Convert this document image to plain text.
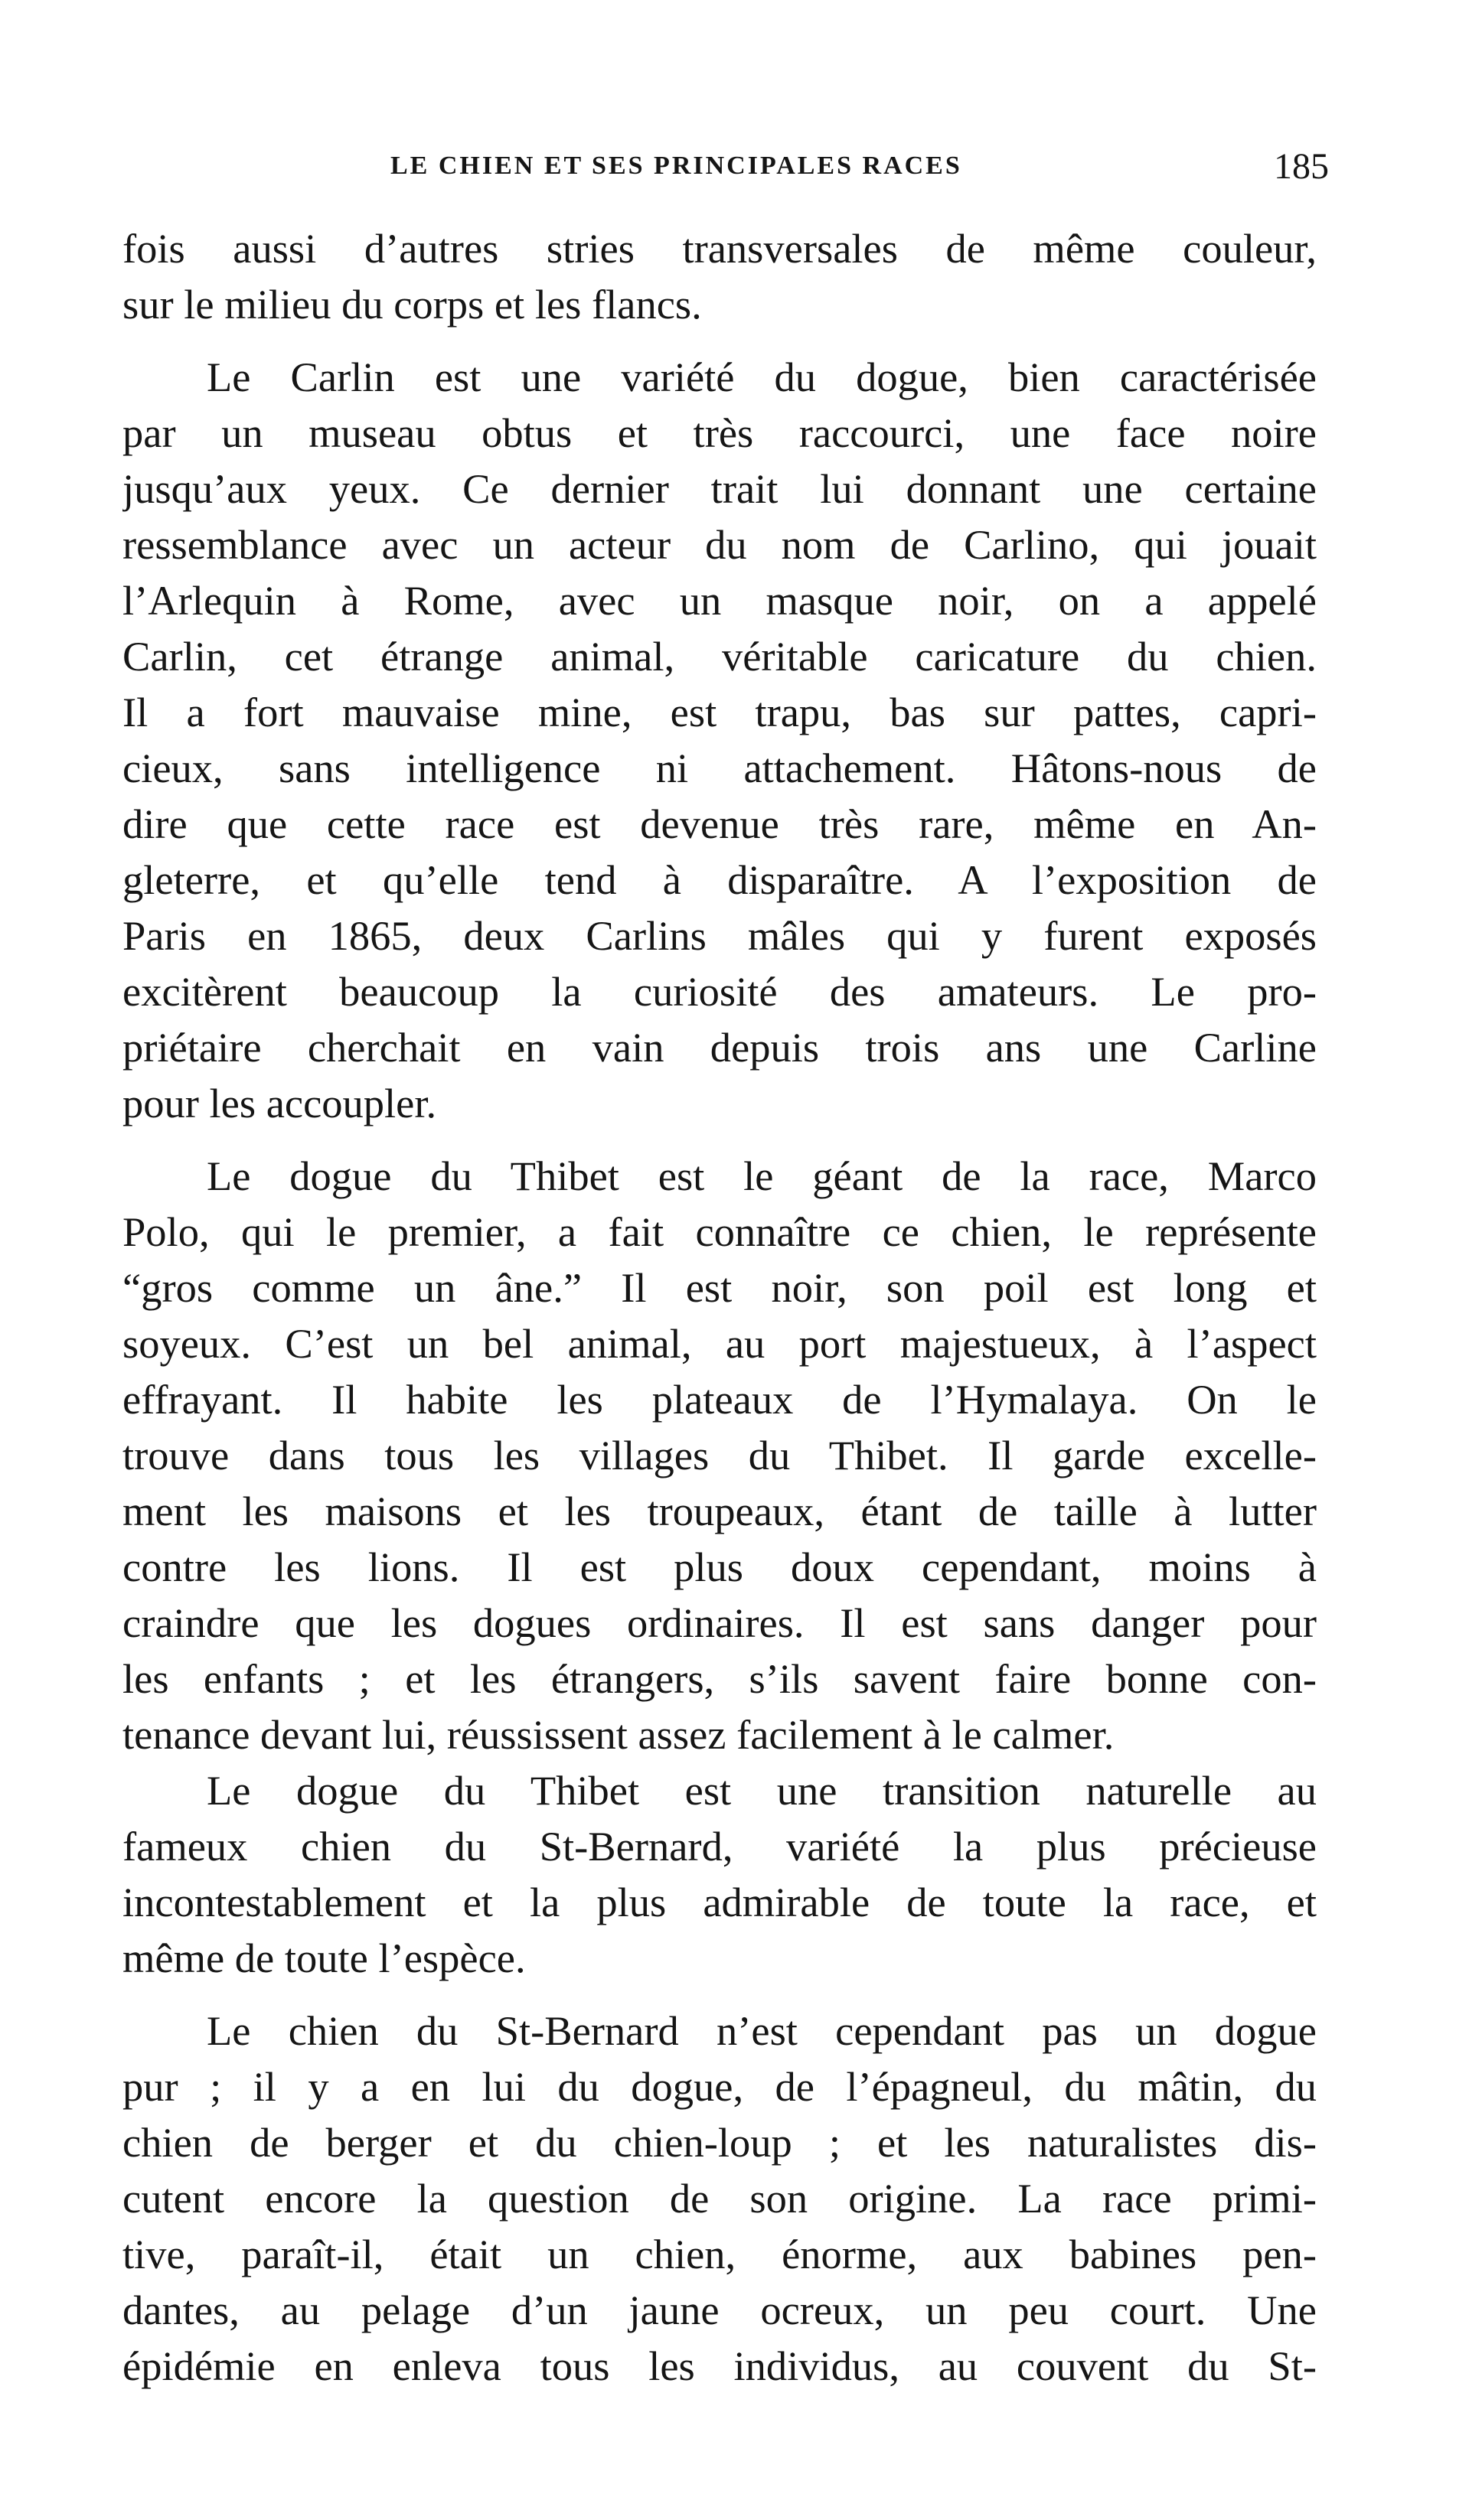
LE CHIEN ET SES PRINCIPALES RACES	185
fois aussi d’autres stries transversales de même couleur,
sur le milieu du corps et les flancs.
Le Carlin est une variété du dogue, bien caractérisée
par un museau obtus et très raccourci, une face noire
jusqu’aux yeux. Ce dernier trait lui donnant une certaine
ressemblance avec un acteur du nom de Carlino, qui jouait
l’Arlequin à Rome, avec un masque noir, on a appelé
Carlin, cet étrange animal, véritable caricature du chien.
Il a fort mauvaise mine, est trapu, bas sur pattes, capri-
cieux, sans intelligence ni attachement. Hâtons-nous de
dire que cette race est devenue très rare, même en An-
gleterre, et qu’elle tend à disparaître. A l’exposition de
Paris en 1865, deux Carlins mâles qui y furent exposés
excitèrent beaucoup la curiosité des amateurs. Le pro-
priétaire cherchait en vain depuis trois ans une Carline
pour les accoupler.
Le dogue du Thibet est le géant de la race, Marco
Polo, qui le premier, a fait connaître ce chien, le représente
“gros comme un âne.” Il est noir, son poil est long et
soyeux. C’est un bel animal, au port majestueux, à l’aspect
effrayant. Il habite les plateaux de l’Hymalaya. On le
trouve dans tous les villages du Thibet. Il garde excelle-
ment les maisons et les troupeaux, étant de taille à lutter
contre les lions. Il est plus doux cependant, moins à
craindre que les dogues ordinaires. Il est sans danger pour
les enfants ; et les étrangers, s’ils savent faire bonne con-
tenance devant lui, réussissent assez facilement à le calmer.
Le dogue du Thibet est une transition naturelle au
fameux chien du St-Bernard, variété la plus précieuse
incontestablement et la plus admirable de toute la race, et
même de toute l’espèce.
Le chien du St-Bernard n’est cependant pas un dogue
pur ; il y a en lui du dogue, de l’épagneul, du mâtin, du
chien de berger et du chien-loup ; et les naturalistes dis-
cutent encore la question de son origine. La race primi-
tive, paraît-il, était un chien, énorme, aux babines pen-
dantes, au pelage d’un jaune ocreux, un peu court. Une
épidémie en enleva tous les individus, au couvent du St-
